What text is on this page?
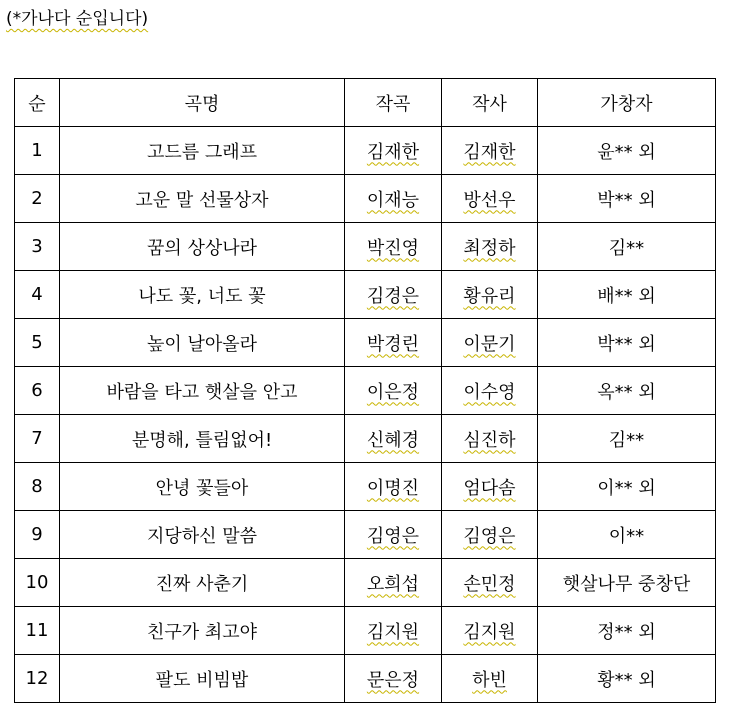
(*가나다 순입니다)
순	곡명	작곡	작사	가창자
1	고드름 그래프	김재한	김재한	윤** 외
2	고운 말 선물상자	이재능	방선우	박** 외
3	꿈의 상상나라	박진영	최정하	김**
4	나도 꽃, 너도 꽃	김경은	황유리	배** 외
5	높이 날아올라	박경린	이문기	박** 외
6	바람을 타고 햇살을 안고	이은정	이수영	옥** 외
7	분명해, 틀림없어!	신혜경	심진하	김**
8	안녕 꽃들아	이명진	엄다솜	이** 외
9	지당하신 말씀	김영은	김영은	이**
10	진짜 사춘기	오희섭	손민정	햇살나무 중창단
11	친구가 최고야	김지원	김지원	정** 외
12	팔도 비빔밥	문은정	하빈	황** 외
